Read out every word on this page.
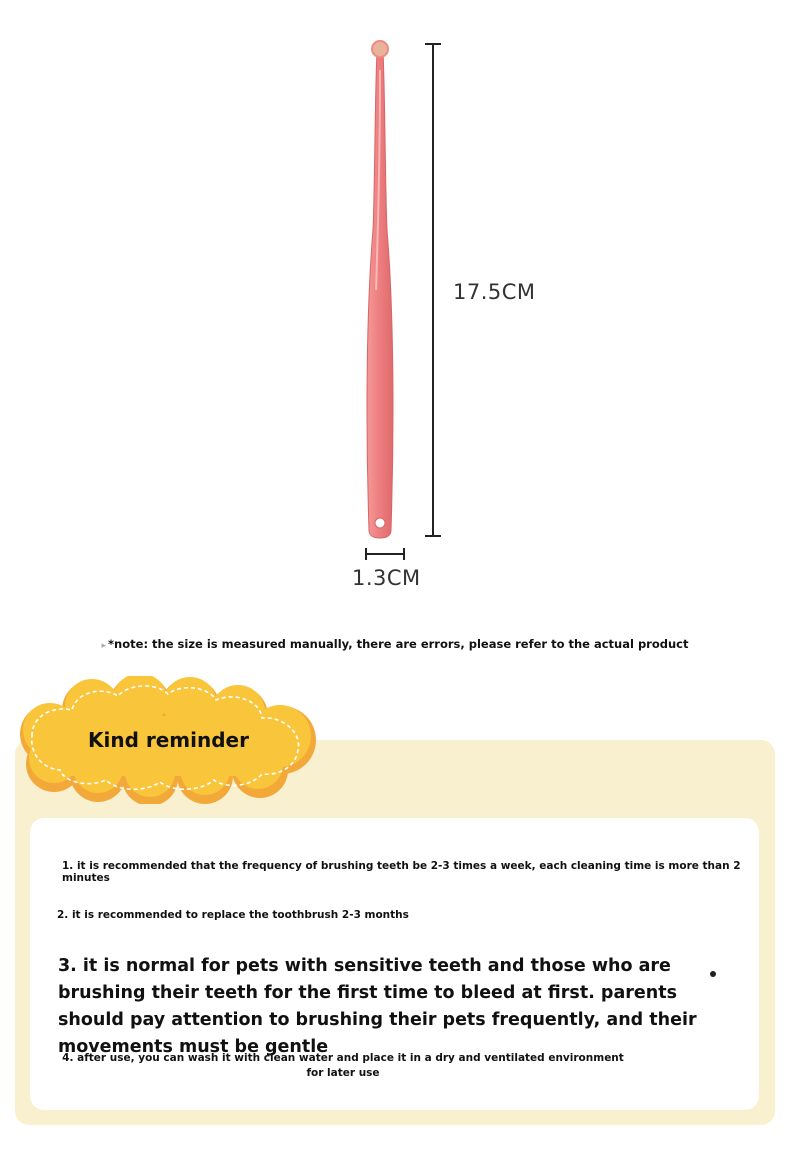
17.5CM
1.3CM
▸ *note: the size is measured manually, there are errors, please refer to the actual product
Kind reminder
1. it is recommended that the frequency of brushing teeth be 2-3 times a week, each cleaning time is more than 2 minutes
2. it is recommended to replace the toothbrush 2-3 months
3. it is normal for pets with sensitive teeth and those who are brushing their teeth for the first time to bleed at first. parents should pay attention to brushing their pets frequently, and their movements must be gentle
4. after use, you can wash it with clean water and place it in a dry and ventilated environment for later use
